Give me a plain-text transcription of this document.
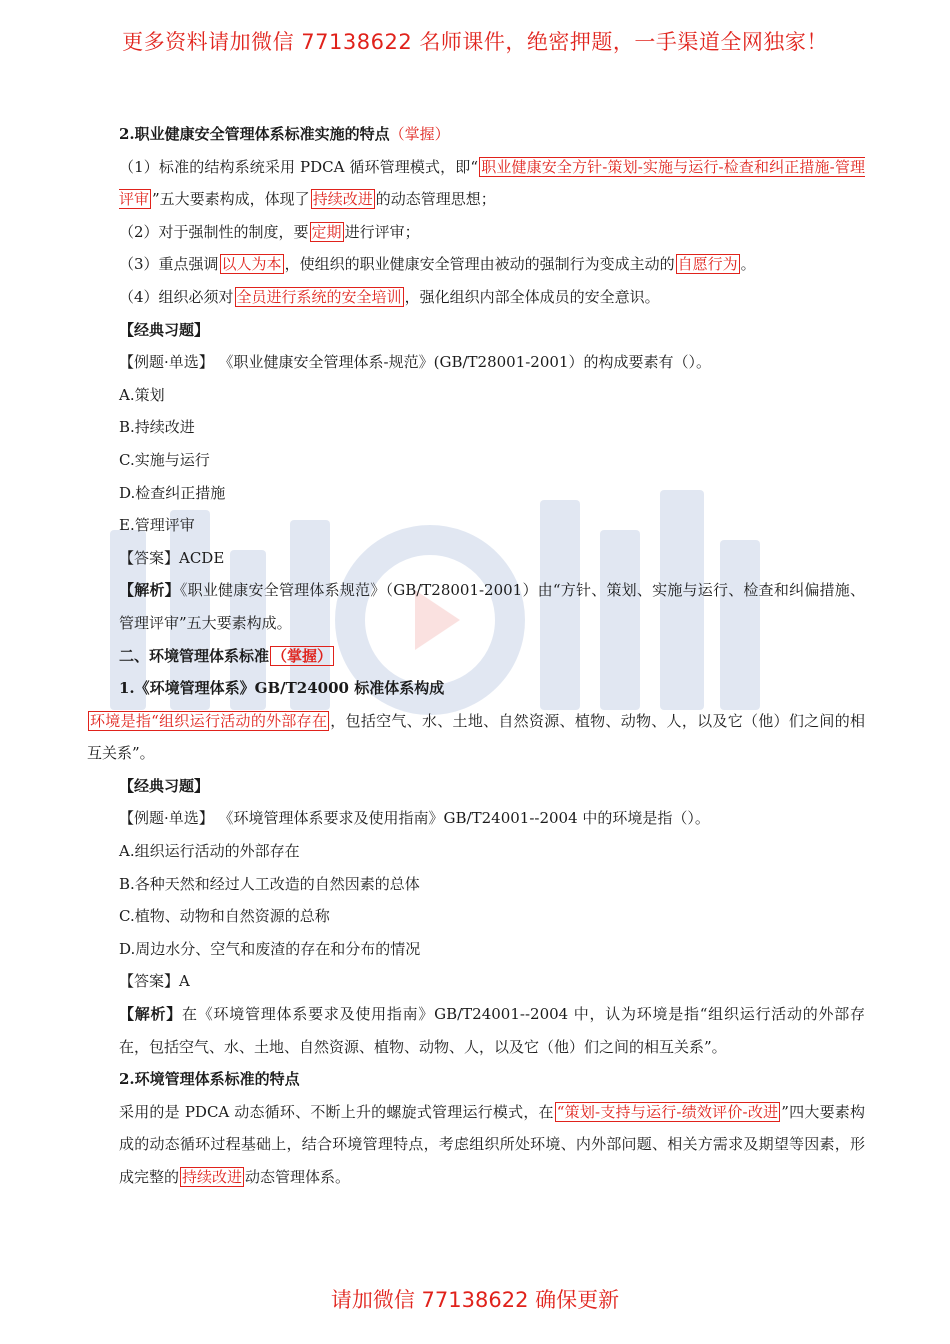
更多资料请加微信 77138622 名师课件，绝密押题，一手渠道全网独家！
2.职业健康安全管理体系标准实施的特点（掌握）
（1）标准的结构系统采用 PDCA 循环管理模式，即“ 职业健康安全方针-策划-实施与运行-检查和纠正措施-管理评审 ”五大要素构成，体现了 持续改进 的动态管理思想；
（2）对于强制性的制度，要 定期 进行评审；
（3）重点强调 以人为本 ，使组织的职业健康安全管理由被动的强制行为变成主动的 自愿行为 。
（4）组织必须对 全员进行系统的安全培训 ，强化组织内部全体成员的安全意识。
【经典习题】
【例题·单选】 《职业健康安全管理体系-规范》(GB/T28001-2001）的构成要素有（）。
A.策划
B.持续改进
C.实施与运行
D.检查纠正措施
E.管理评审
【答案】ACDE
【解析】《职业健康安全管理体系规范》（GB/T28001-2001）由“方针、策划、实施与运行、检查和纠偏措施、管理评审”五大要素构成。
二、环境管理体系标准 （掌握）
1.《环境管理体系》GB/T24000 标准体系构成
环境是指“组织运行活动的外部存在 ，包括空气、水、土地、自然资源、植物、动物、人，以及它（他）们之间的相互关系”。
【经典习题】
【例题·单选】 《环境管理体系要求及使用指南》GB/T24001--2004 中的环境是指（）。
A.组织运行活动的外部存在
B.各种天然和经过人工改造的自然因素的总体
C.植物、动物和自然资源的总称
D.周边水分、空气和废渣的存在和分布的情况
【答案】A
【解析】在《环境管理体系要求及使用指南》GB/T24001--2004 中，认为环境是指“组织运行活动的外部存在，包括空气、水、土地、自然资源、植物、动物、人，以及它（他）们之间的相互关系”。
2.环境管理体系标准的特点
采用的是 PDCA 动态循环、不断上升的螺旋式管理运行模式，在 “策划-支持与运行-绩效评价-改进 ”四大要素构成的动态循环过程基础上，结合环境管理特点，考虑组织所处环境、内外部问题、相关方需求及期望等因素，形成完整的 持续改进 动态管理体系。
请加微信 77138622 确保更新
